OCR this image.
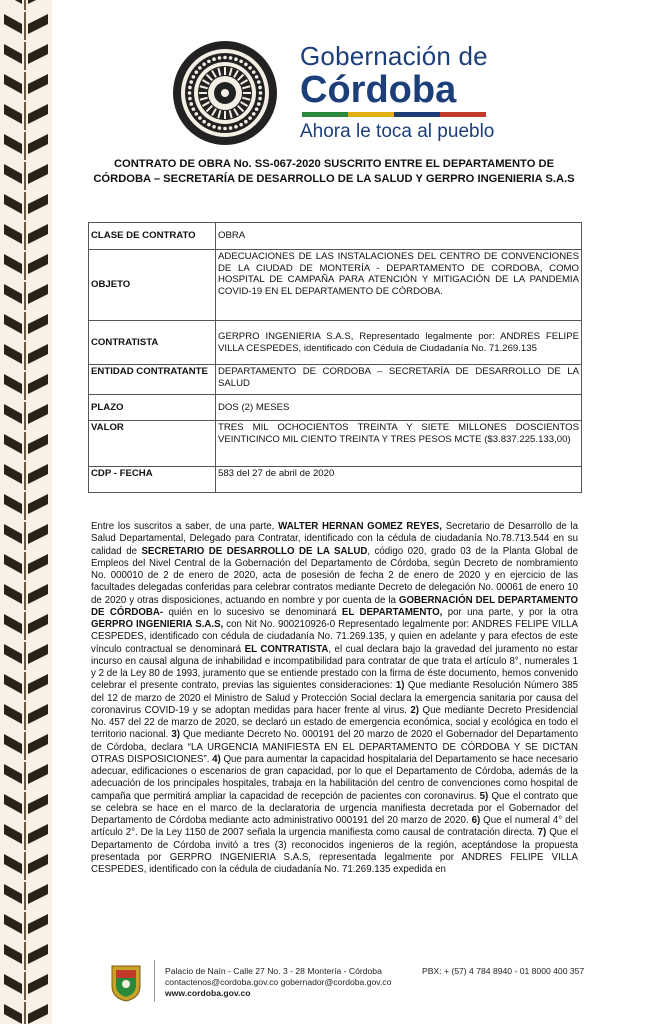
Gobernación de
Córdoba
Ahora le toca al pueblo
CONTRATO DE OBRA No. SS-067-2020 SUSCRITO ENTRE EL DEPARTAMENTO DE CÓRDOBA – SECRETARÍA DE DESARROLLO DE LA SALUD Y GERPRO INGENIERIA S.A.S
CLASE DE CONTRATO	OBRA
OBJETO	ADECUACIONES DE LAS INSTALACIONES DEL CENTRO DE CONVENCIONES DE LA CIUDAD DE MONTERÍA - DEPARTAMENTO DE CORDOBA, COMO HOSPITAL DE CAMPAÑA PARA ATENCIÓN Y MITIGACIÓN DE LA PANDEMIA COVID-19 EN EL DEPARTAMENTO DE CÓRDOBA.
CONTRATISTA	GERPRO INGENIERIA S.A.S, Representado legalmente por: ANDRES FELIPE VILLA CESPEDES, identificado con Cédula de Ciudadanía No. 71.269.135
ENTIDAD CONTRATANTE	DEPARTAMENTO DE CORDOBA – SECRETARÍA DE DESARROLLO DE LA SALUD
PLAZO	DOS (2) MESES
VALOR	TRES MIL OCHOCIENTOS TREINTA Y SIETE MILLONES DOSCIENTOS VEINTICINCO MIL CIENTO TREINTA Y TRES PESOS MCTE ($3.837.225.133,00)
CDP - FECHA	583 del 27 de abril de 2020
Entre los suscritos a saber, de una parte, WALTER HERNAN GOMEZ REYES, Secretario de Desarrollo de la Salud Departamental, Delegado para Contratar, identificado con la cédula de ciudadanía No.78.713.544 en su calidad de SECRETARIO DE DESARROLLO DE LA SALUD, código 020, grado 03 de la Planta Global de Empleos del Nivel Central de la Gobernación del Departamento de Córdoba, según Decreto de nombramiento No. 000010 de 2 de enero de 2020, acta de posesión de fecha 2 de enero de 2020 y en ejercicio de las facultades delegadas conferidas para celebrar contratos mediante Decreto de delegación No. 00061 de enero 10 de 2020 y otras disposiciones, actuando en nombre y por cuenta de la GOBERNACIÓN DEL DEPARTAMENTO DE CÓRDOBA- quién en lo sucesivo se denominará EL DEPARTAMENTO, por una parte, y por la otra GERPRO INGENIERIA S.A.S, con Nit No. 900210926-0 Representado legalmente por: ANDRES FELIPE VILLA CESPEDES, identificado con cédula de ciudadanía No. 71.269.135, y quien en adelante y para efectos de este vínculo contractual se denominará EL CONTRATISTA, el cual declara bajo la gravedad del juramento no estar incurso en causal alguna de inhabilidad e incompatibilidad para contratar de que trata el artículo 8°, numerales 1 y 2 de la Ley 80 de 1993, juramento que se entiende prestado con la firma de éste documento, hemos convenido celebrar el presente contrato, previas las siguientes consideraciones: 1) Que mediante Resolución Número 385 del 12 de marzo de 2020 el Ministro de Salud y Protección Social declara la emergencia sanitaria por causa del coronavirus COVID-19 y se adoptan medidas para hacer frente al virus. 2) Que mediante Decreto Presidencial No. 457 del 22 de marzo de 2020, se declaró un estado de emergencia económica, social y ecológica en todo el territorio nacional. 3) Que mediante Decreto No. 000191 del 20 marzo de 2020 el Gobernador del Departamento de Córdoba, declara “LA URGENCIA MANIFIESTA EN EL DEPARTAMENTO DE CÓRDOBA Y SE DICTAN OTRAS DISPOSICIONES”. 4) Que para aumentar la capacidad hospitalaria del Departamento se hace necesario adecuar, edificaciones o escenarios de gran capacidad, por lo que el Departamento de Córdoba, además de la adecuación de los principales hospitales, trabaja en la habilitación del centro de convenciones como hospital de campaña que permitirá ampliar la capacidad de recepción de pacientes con coronavirus. 5) Que el contrato que se celebra se hace en el marco de la declaratoria de urgencia manifiesta decretada por el Gobernador del Departamento de Córdoba mediante acto administrativo 000191 del 20 marzo de 2020. 6) Que el numeral 4° del artículo 2°. De la Ley 1150 de 2007 señala la urgencia manifiesta como causal de contratación directa. 7) Que el Departamento de Córdoba invitó a tres (3) reconocidos ingenieros de la región, aceptándose la propuesta presentada por GERPRO INGENIERIA S.A.S, representada legalmente por ANDRES FELIPE VILLA CESPEDES, identificado con la cédula de ciudadanía No. 71.269.135 expedida en
Palacio de Naín - Calle 27 No. 3 - 28 Montería - Córdoba	PBX: + (57) 4 784 8940 - 01 8000 400 357
contactenos@cordoba.gov.co gobernador@cordoba.gov.co
www.cordoba.gov.co
